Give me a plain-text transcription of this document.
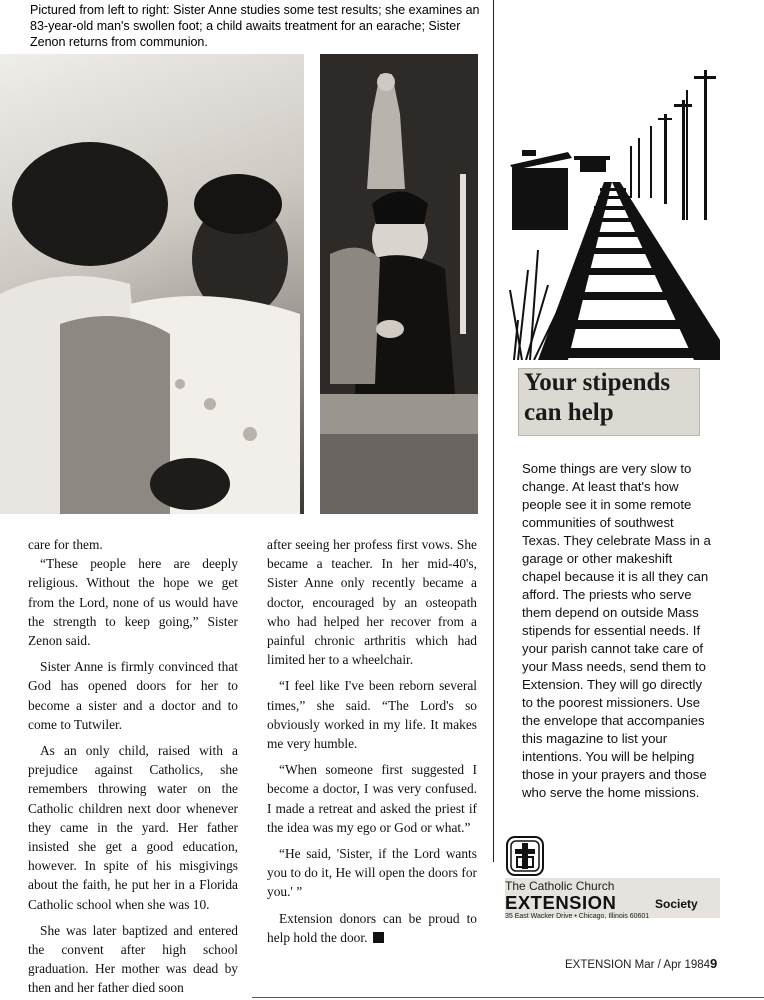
Pictured from left to right: Sister Anne studies some test results; she examines an 83-year-old man's swollen foot; a child awaits treatment for an earache; Sister Zenon returns from communion.

care for them.

“These people here are deeply religious. Without the hope we get from the Lord, none of us would have the strength to keep going,” Sister Zenon said.

Sister Anne is firmly convinced that God has opened doors for her to become a sister and a doctor and to come to Tutwiler.

As an only child, raised with a prejudice against Catholics, she remembers throwing water on the Catholic children next door whenever they came in the yard. Her father insisted she get a good education, however. In spite of his misgivings about the faith, he put her in a Florida Catholic school when she was 10.

She was later baptized and entered the convent after high school graduation. Her mother was dead by then and her father died soon

after seeing her profess first vows. She became a teacher. In her mid-40's, Sister Anne only recently became a doctor, encouraged by an osteopath who had helped her recover from a painful chronic arthritis which had limited her to a wheelchair.

“I feel like I've been reborn several times,” she said. “The Lord's so obviously worked in my life. It makes me very humble.

“When someone first suggested I become a doctor, I was very confused. I made a retreat and asked the priest if the idea was my ego or God or what.”

“He said, 'Sister, if the Lord wants you to do it, He will open the doors for you.' ”

Extension donors can be proud to help hold the door.

Your stipends
can help
Some things are very slow to change. At least that's how people see it in some remote communities of southwest Texas. They celebrate Mass in a garage or other makeshift chapel because it is all they can afford. The priests who serve them depend on outside Mass stipends for essential needs. If your parish cannot take care of your Mass needs, send them to Extension. They will go directly to the poorest missioners. Use the envelope that accompanies this magazine to list your intentions. You will be helping those in your prayers and those who serve the home missions.
The Catholic Church
EXTENSION	Society
35 East Wacker Drive • Chicago, Illinois 60601
EXTENSION Mar / Apr 1984 9
